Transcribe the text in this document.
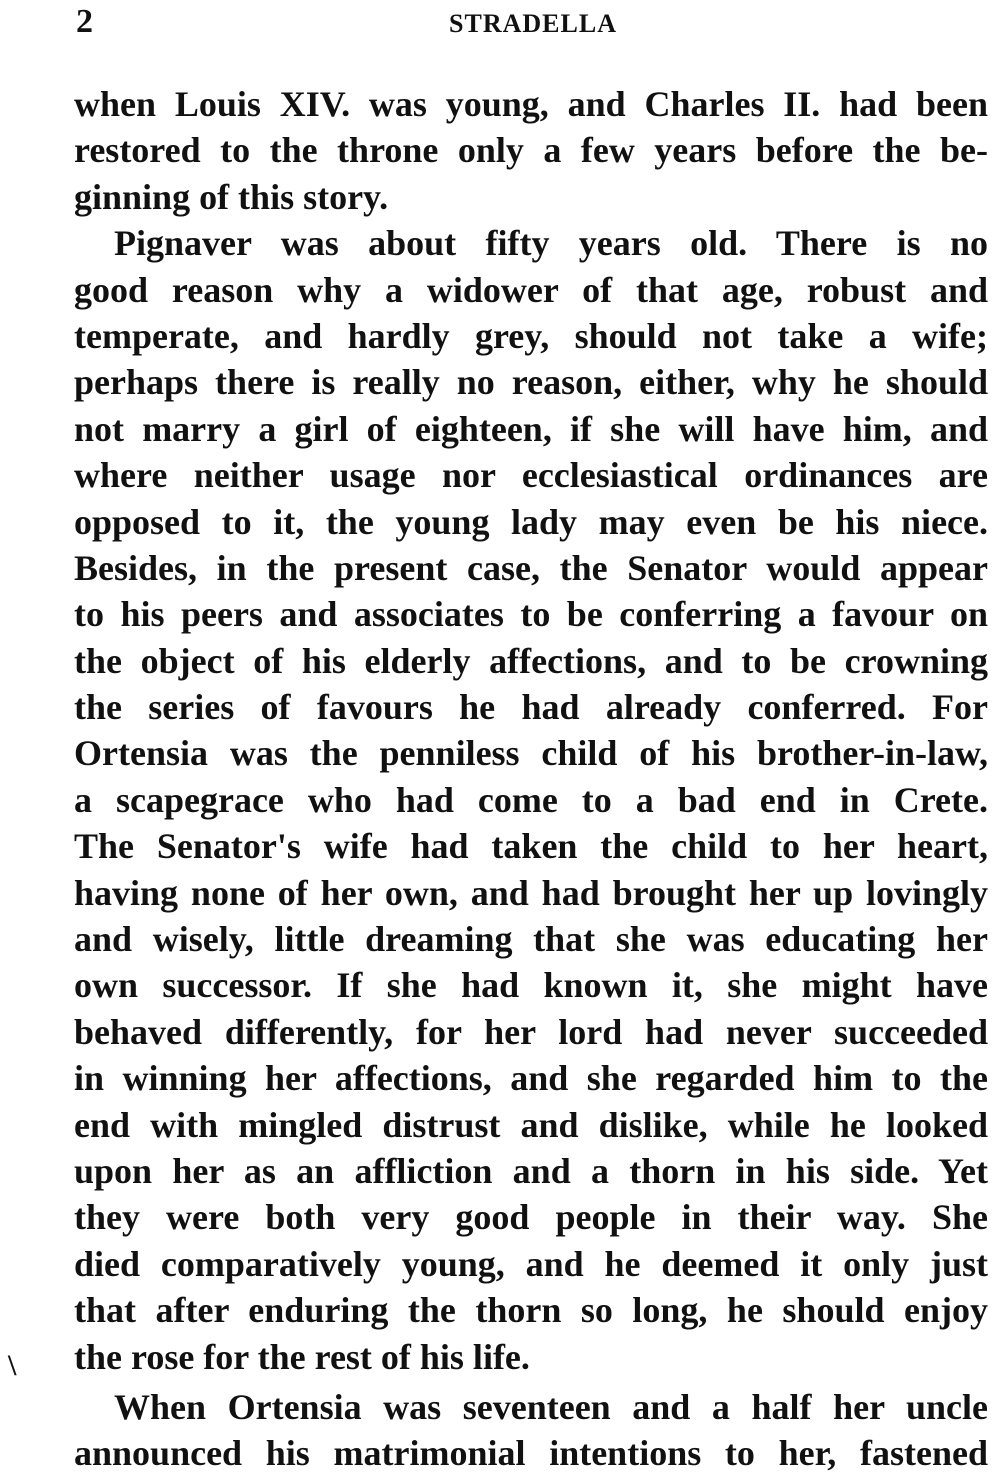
2	STRADELLA
when Louis XIV. was young, and Charles II. had been
restored to the throne only a few years before the be-
ginning of this story.
Pignaver was about fifty years old. There is no
good reason why a widower of that age, robust and
temperate, and hardly grey, should not take a wife;
perhaps there is really no reason, either, why he should
not marry a girl of eighteen, if she will have him, and
where neither usage nor ecclesiastical ordinances are
opposed to it, the young lady may even be his niece.
Besides, in the present case, the Senator would appear
to his peers and associates to be conferring a favour on
the object of his elderly affections, and to be crowning
the series of favours he had already conferred. For
Ortensia was the penniless child of his brother-in-law,
a scapegrace who had come to a bad end in Crete.
The Senator's wife had taken the child to her heart,
having none of her own, and had brought her up lovingly
and wisely, little dreaming that she was educating her
own successor. If she had known it, she might have
behaved differently, for her lord had never succeeded
in winning her affections, and she regarded him to the
end with mingled distrust and dislike, while he looked
upon her as an affliction and a thorn in his side. Yet
they were both very good people in their way. She
died comparatively young, and he deemed it only just
that after enduring the thorn so long, he should enjoy
the rose for the rest of his life.
When Ortensia was seventeen and a half her uncle
announced his matrimonial intentions to her, fastened
\
